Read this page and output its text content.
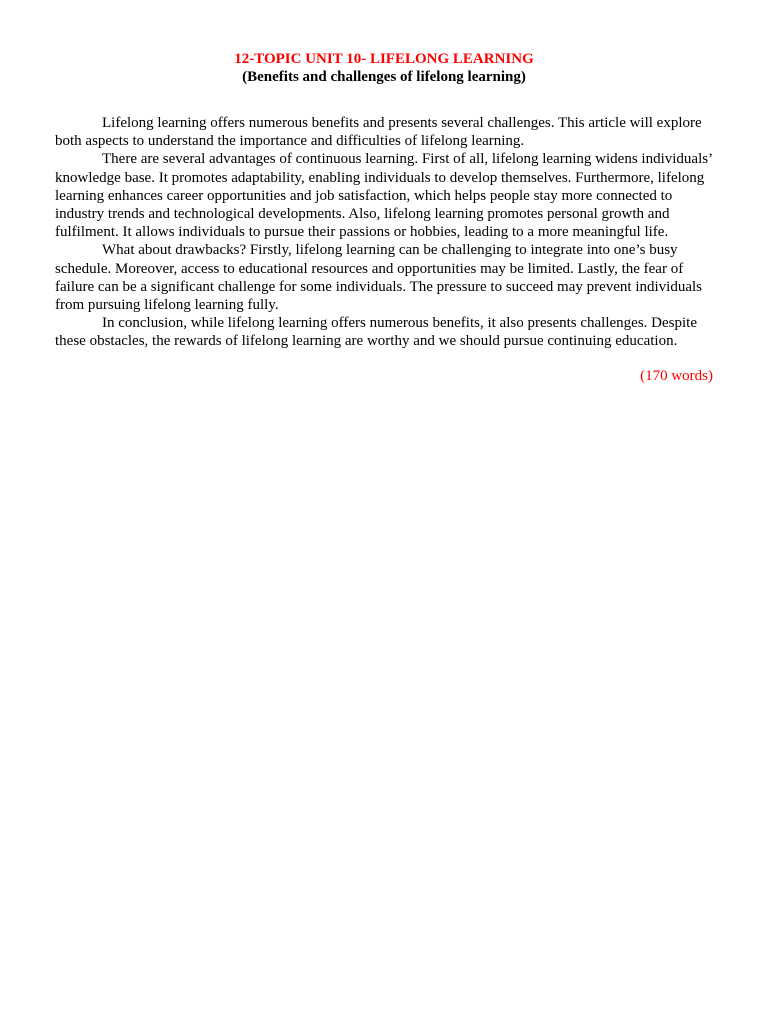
12-TOPIC UNIT 10- LIFELONG LEARNING
(Benefits and challenges of lifelong learning)

Lifelong learning offers numerous benefits and presents several challenges. This article will explore both aspects to understand the importance and difficulties of lifelong learning.

There are several advantages of continuous learning. First of all, lifelong learning widens individuals’ knowledge base. It promotes adaptability, enabling individuals to develop themselves. Furthermore, lifelong learning enhances career opportunities and job satisfaction, which helps people stay more connected to industry trends and technological developments. Also, lifelong learning promotes personal growth and fulfilment. It allows individuals to pursue their passions or hobbies, leading to a more meaningful life.

What about drawbacks? Firstly, lifelong learning can be challenging to integrate into one’s busy schedule. Moreover, access to educational resources and opportunities may be limited. Lastly, the fear of failure can be a significant challenge for some individuals. The pressure to succeed may prevent individuals from pursuing lifelong learning fully.

In conclusion, while lifelong learning offers numerous benefits, it also presents challenges. Despite these obstacles, the rewards of lifelong learning are worthy and we should pursue continuing education.

(170 words)
